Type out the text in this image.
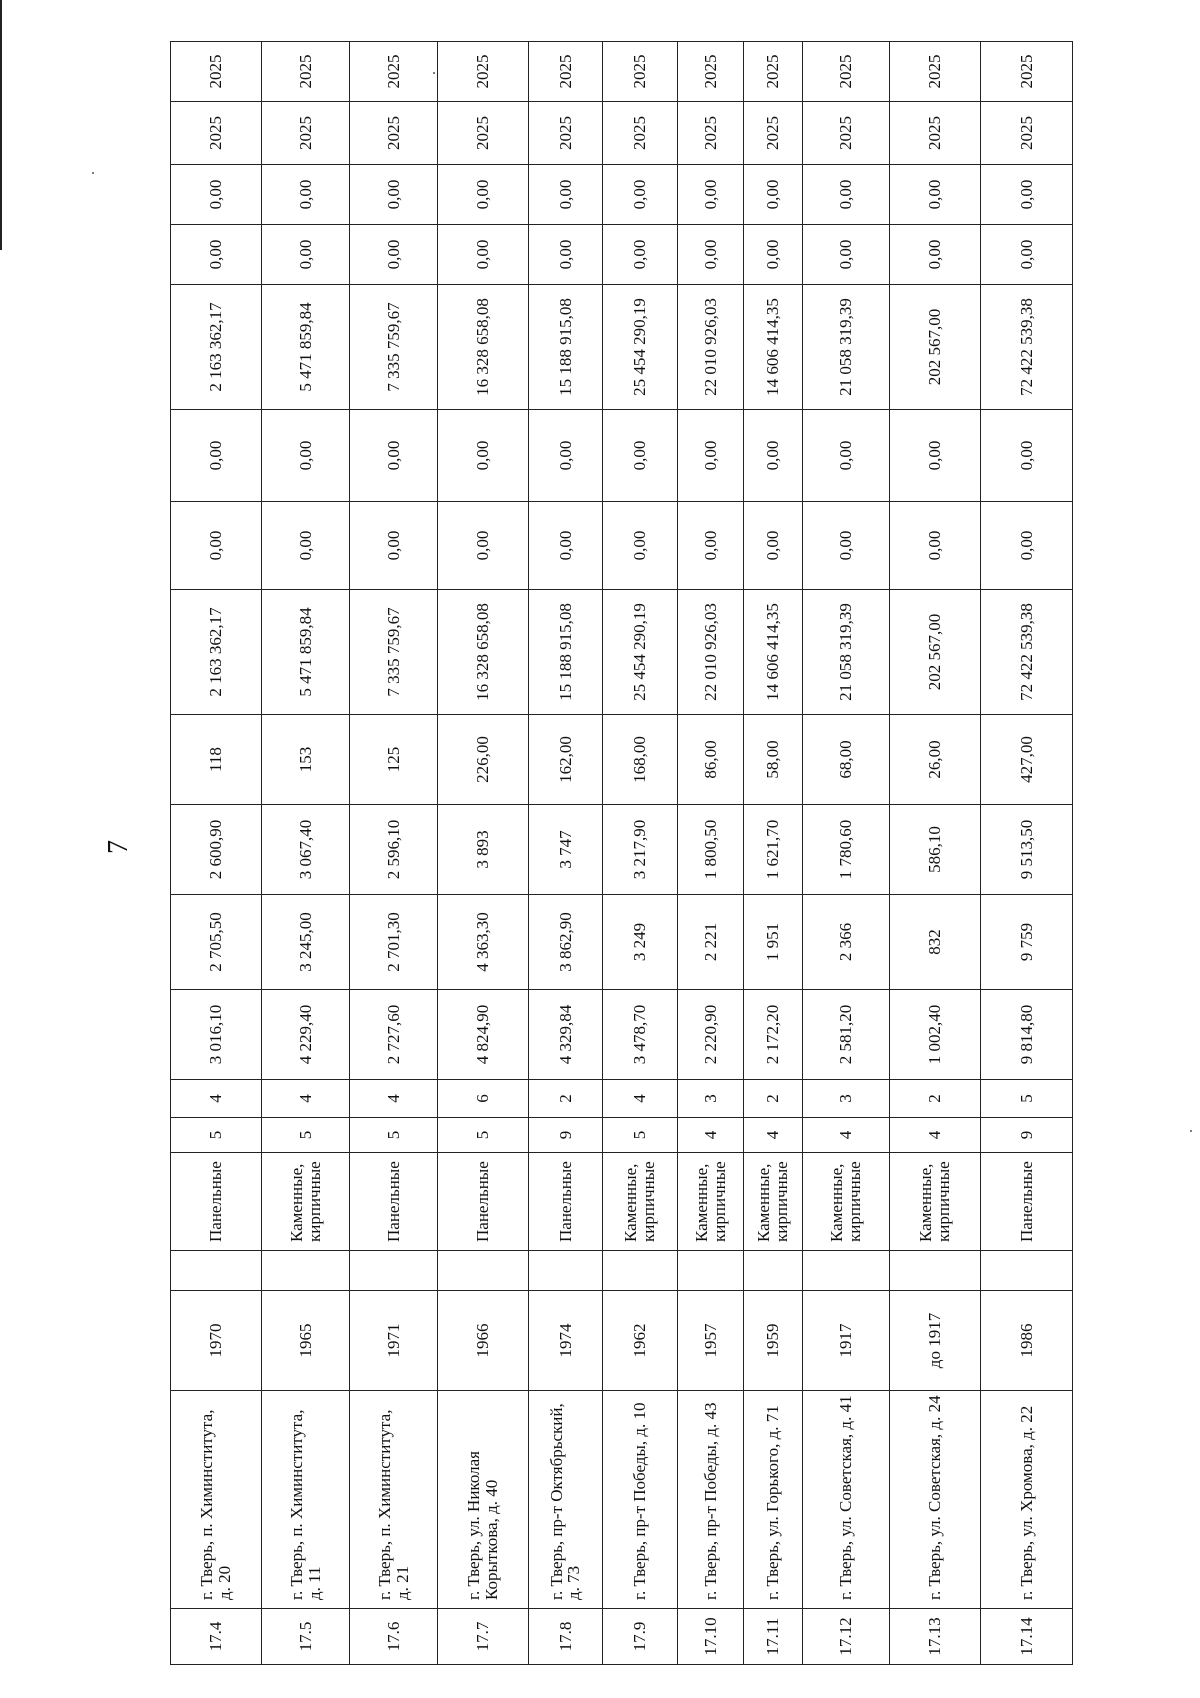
7
17.4	г. Тверь, п. Химинститута, д. 20	1970		Панельные	5	4	3 016,10	2 705,50	2 600,90	118	2 163 362,17	0,00	0,00	2 163 362,17	0,00	0,00	2025	2025
17.5	г. Тверь, п. Химинститута, д. 11	1965		Каменные, кирпичные	5	4	4 229,40	3 245,00	3 067,40	153	5 471 859,84	0,00	0,00	5 471 859,84	0,00	0,00	2025	2025
17.6	г. Тверь, п. Химинститута, д. 21	1971		Панельные	5	4	2 727,60	2 701,30	2 596,10	125	7 335 759,67	0,00	0,00	7 335 759,67	0,00	0,00	2025	2025
17.7	г. Тверь, ул. Николая Корыткова, д. 40	1966		Панельные	5	6	4 824,90	4 363,30	3 893	226,00	16 328 658,08	0,00	0,00	16 328 658,08	0,00	0,00	2025	2025
17.8	г. Тверь, пр-т Октябрьский, д. 73	1974		Панельные	9	2	4 329,84	3 862,90	3 747	162,00	15 188 915,08	0,00	0,00	15 188 915,08	0,00	0,00	2025	2025
17.9	г. Тверь, пр-т Победы, д. 10	1962		Каменные, кирпичные	5	4	3 478,70	3 249	3 217,90	168,00	25 454 290,19	0,00	0,00	25 454 290,19	0,00	0,00	2025	2025
17.10	г. Тверь, пр-т Победы, д. 43	1957		Каменные, кирпичные	4	3	2 220,90	2 221	1 800,50	86,00	22 010 926,03	0,00	0,00	22 010 926,03	0,00	0,00	2025	2025
17.11	г. Тверь, ул. Горького, д. 71	1959		Каменные, кирпичные	4	2	2 172,20	1 951	1 621,70	58,00	14 606 414,35	0,00	0,00	14 606 414,35	0,00	0,00	2025	2025
17.12	г. Тверь, ул. Советская, д. 41	1917		Каменные, кирпичные	4	3	2 581,20	2 366	1 780,60	68,00	21 058 319,39	0,00	0,00	21 058 319,39	0,00	0,00	2025	2025
17.13	г. Тверь, ул. Советская, д. 24	до 1917		Каменные, кирпичные	4	2	1 002,40	832	586,10	26,00	202 567,00	0,00	0,00	202 567,00	0,00	0,00	2025	2025
17.14	г. Тверь, ул. Хромова, д. 22	1986		Панельные	9	5	9 814,80	9 759	9 513,50	427,00	72 422 539,38	0,00	0,00	72 422 539,38	0,00	0,00	2025	2025
